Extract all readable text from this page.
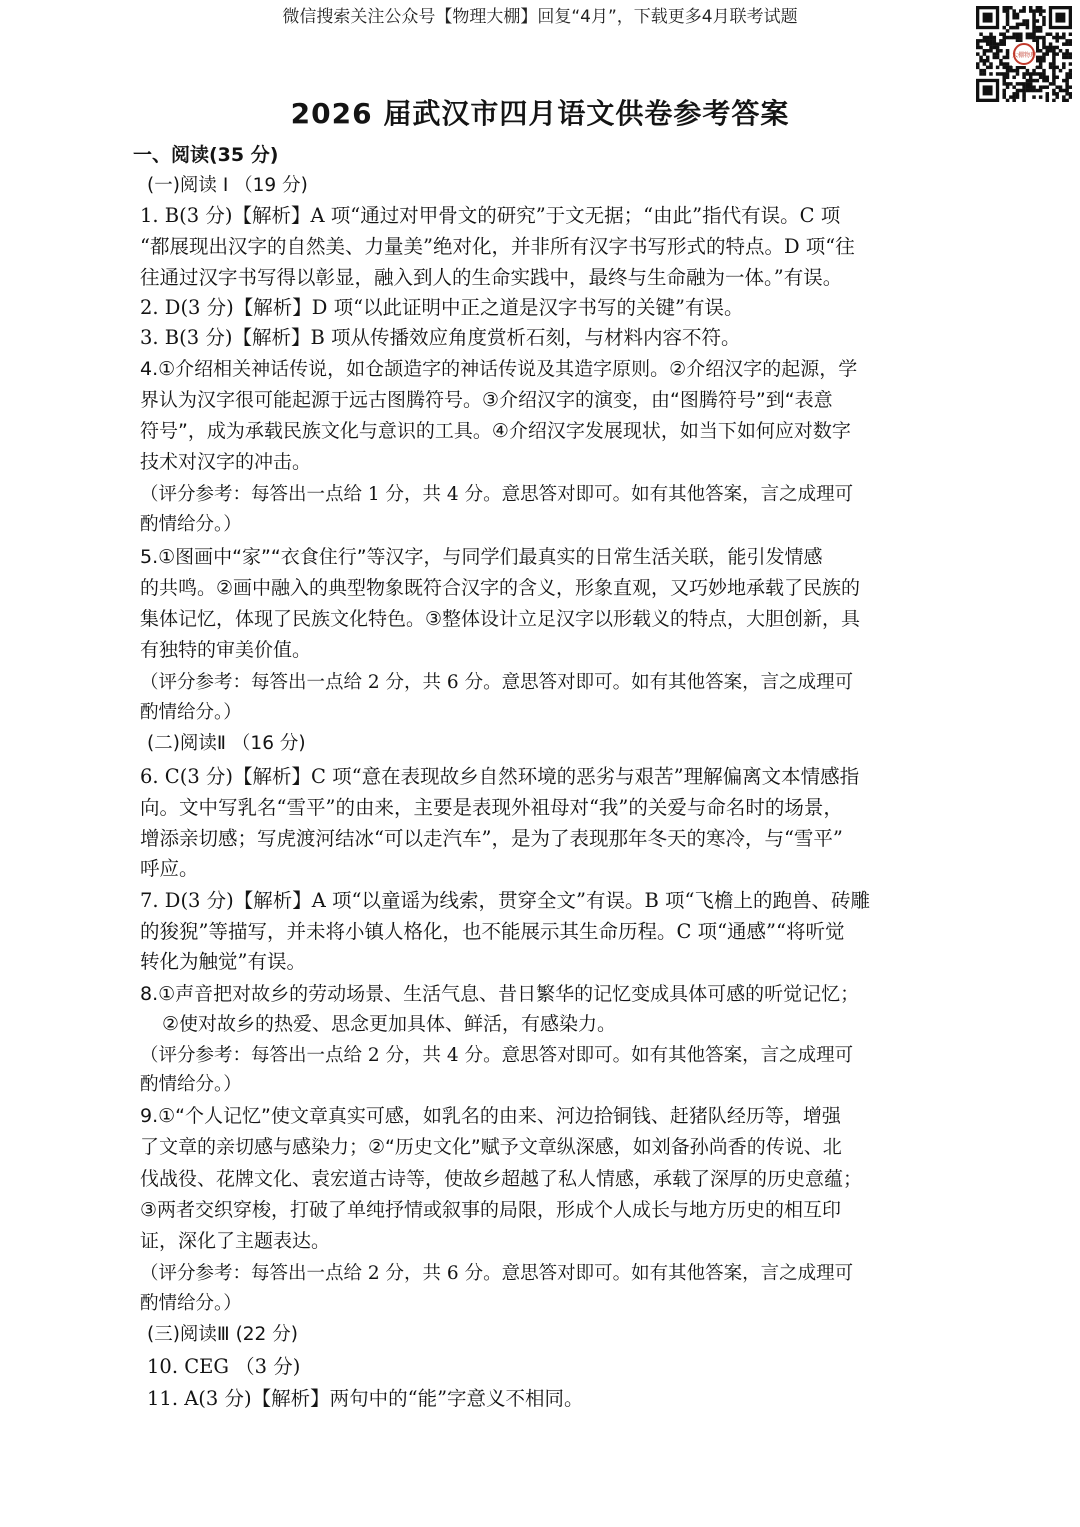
微信搜索关注公众号【物理大棚】回复“4月”，下载更多4月联考试题
大棚物理
2026 届武汉市四月语文供卷参考答案
一、阅读(35 分)
(一)阅读 I （19 分)
1. B(3 分)【解析】A 项“通过对甲骨文的研究”于文无据；“由此”指代有误。C 项
“都展现出汉字的自然美、力量美”绝对化，并非所有汉字书写形式的特点。D 项“往
往通过汉字书写得以彰显，融入到人的生命实践中，最终与生命融为一体。”有误。
2. D(3 分)【解析】D 项“以此证明中正之道是汉字书写的关键”有误。
3. B(3 分)【解析】B 项从传播效应角度赏析石刻，与材料内容不符。
4.①介绍相关神话传说，如仓颉造字的神话传说及其造字原则。②介绍汉字的起源，学
界认为汉字很可能起源于远古图腾符号。③介绍汉字的演变，由“图腾符号”到“表意
符号”，成为承载民族文化与意识的工具。④介绍汉字发展现状，如当下如何应对数字
技术对汉字的冲击。
（评分参考：每答出一点给 1 分，共 4 分。意思答对即可。如有其他答案，言之成理可
酌情给分。）
5.①图画中“家”“衣食住行”等汉字，与同学们最真实的日常生活关联，能引发情感
的共鸣。②画中融入的典型物象既符合汉字的含义，形象直观，又巧妙地承载了民族的
集体记忆，体现了民族文化特色。③整体设计立足汉字以形载义的特点，大胆创新，具
有独特的审美价值。
（评分参考：每答出一点给 2 分，共 6 分。意思答对即可。如有其他答案，言之成理可
酌情给分。）
(二)阅读Ⅱ （16 分)
6. C(3 分)【解析】C 项“意在表现故乡自然环境的恶劣与艰苦”理解偏离文本情感指
向。文中写乳名“雪平”的由来，主要是表现外祖母对“我”的关爱与命名时的场景，
增添亲切感；写虎渡河结冰“可以走汽车”，是为了表现那年冬天的寒冷，与“雪平”
呼应。
7. D(3 分)【解析】A 项“以童谣为线索，贯穿全文”有误。B 项“飞檐上的跑兽、砖雕
的狻猊”等描写，并未将小镇人格化，也不能展示其生命历程。C 项“通感”“将听觉
转化为触觉”有误。
8.①声音把对故乡的劳动场景、生活气息、昔日繁华的记忆变成具体可感的听觉记忆；
②使对故乡的热爱、思念更加具体、鲜活，有感染力。
（评分参考：每答出一点给 2 分，共 4 分。意思答对即可。如有其他答案，言之成理可
酌情给分。）
9.①“个人记忆”使文章真实可感，如乳名的由来、河边拾铜钱、赶猪队经历等，增强
了文章的亲切感与感染力；②“历史文化”赋予文章纵深感，如刘备孙尚香的传说、北
伐战役、花牌文化、袁宏道古诗等，使故乡超越了私人情感，承载了深厚的历史意蕴；
③两者交织穿梭，打破了单纯抒情或叙事的局限，形成个人成长与地方历史的相互印
证，深化了主题表达。
（评分参考：每答出一点给 2 分，共 6 分。意思答对即可。如有其他答案，言之成理可
酌情给分。）
(三)阅读Ⅲ (22 分)
10. CEG （3 分)
11. A(3 分)【解析】两句中的“能”字意义不相同。
